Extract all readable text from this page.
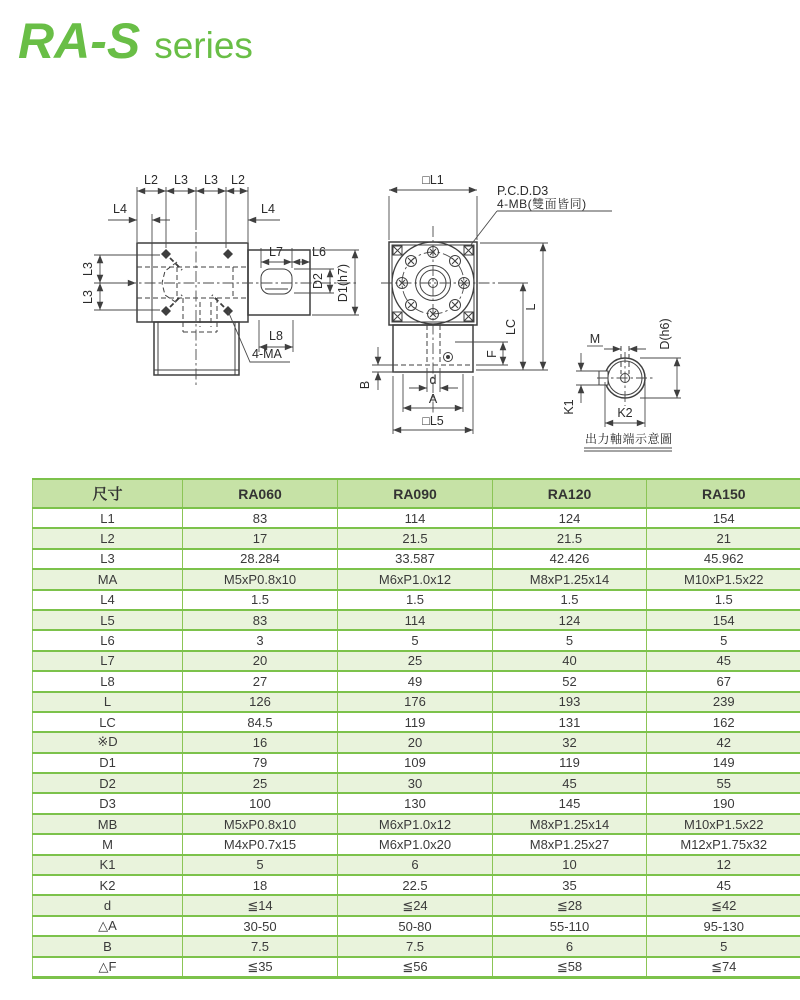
RA-S series
L2 L3 L3 L2
L4	L4
L3
L3
L7 L6
D2 D1(h7)
L8
4-MA
□L1
P.C.D.D3
4-MB(雙面皆同)
F
LC
L
B	d
A
□L5
M	D(h6)
K1	K2
出力軸端示意圖
尺寸	RA060	RA090	RA120	RA150
L1	83	114	124	154
L2	17	21.5	21.5	21
L3	28.284	33.587	42.426	45.962
MA	M5xP0.8x10	M6xP1.0x12	M8xP1.25x14	M10xP1.5x22
L4	1.5	1.5	1.5	1.5
L5	83	114	124	154
L6	3	5	5	5
L7	20	25	40	45
L8	27	49	52	67
L	126	176	193	239
LC	84.5	119	131	162
※D	16	20	32	42
D1	79	109	119	149
D2	25	30	45	55
D3	100	130	145	190
MB	M5xP0.8x10	M6xP1.0x12	M8xP1.25x14	M10xP1.5x22
M	M4xP0.7x15	M6xP1.0x20	M8xP1.25x27	M12xP1.75x32
K1	5	6	10	12
K2	18	22.5	35	45
d	≦14	≦24	≦28	≦42
△A	30-50	50-80	55-110	95-130
B	7.5	7.5	6	5
△F	≦35	≦56	≦58	≦74
